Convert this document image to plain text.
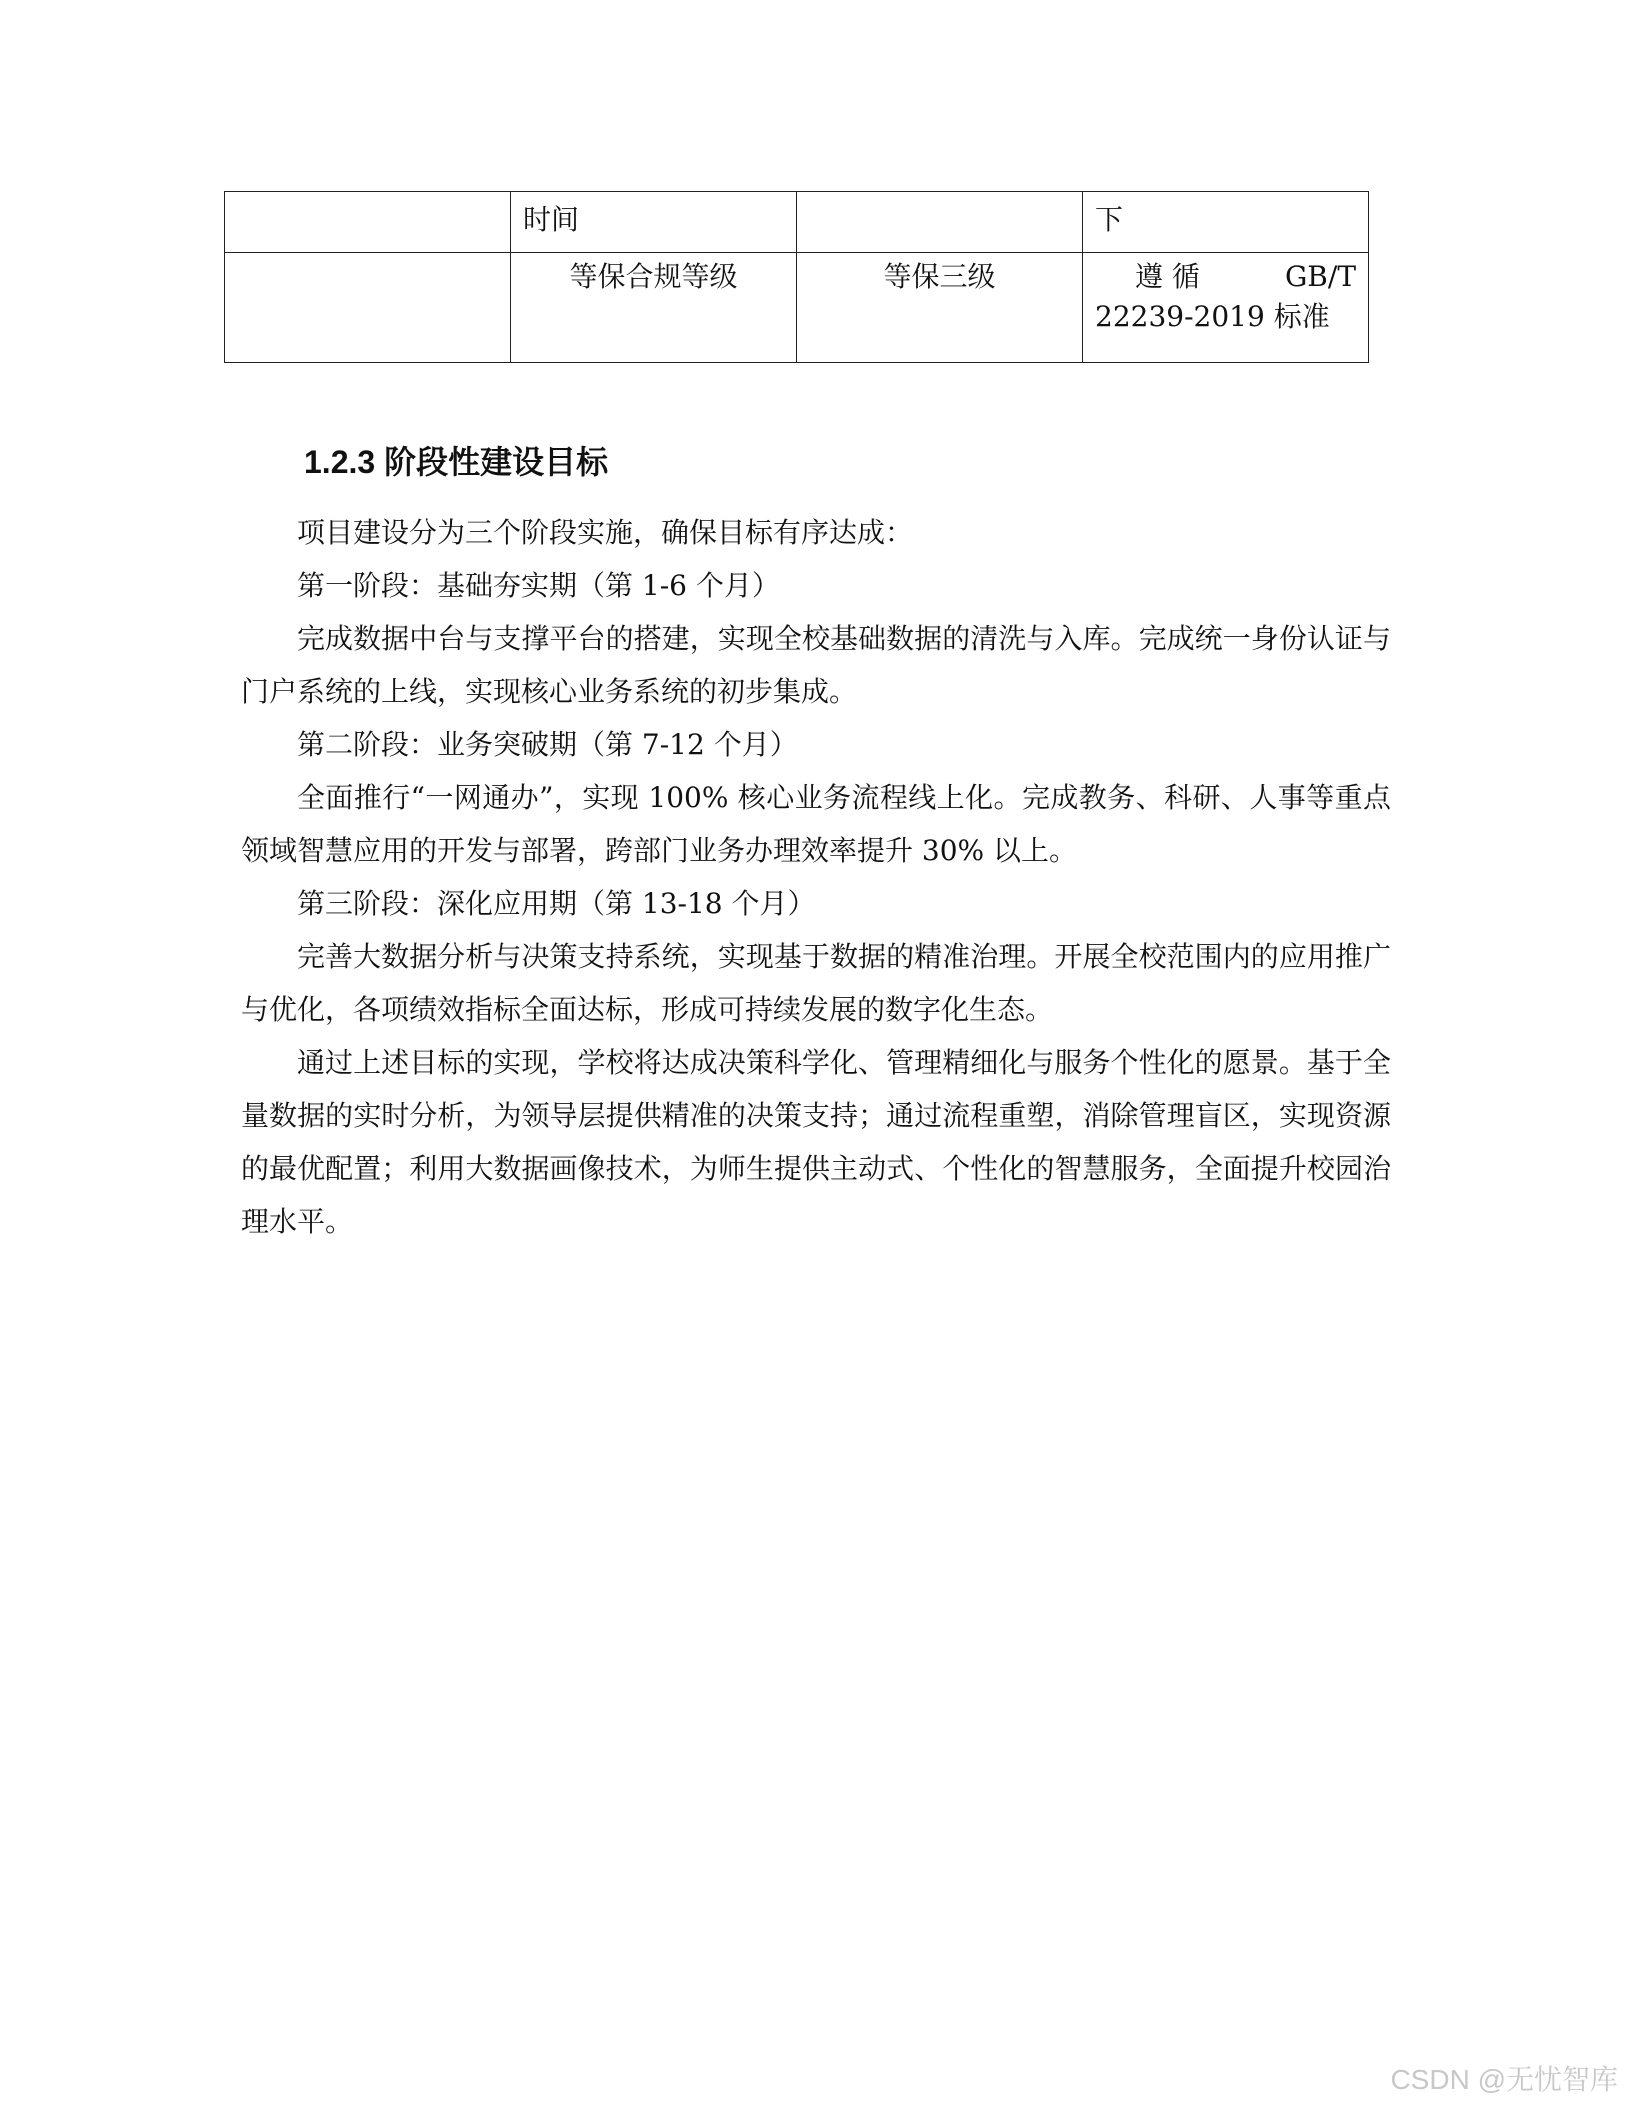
	时间		下
	等保合规等级	等保三级	遵 循 GB/T
22239-2019 标准
1.2.3 阶段性建设目标

项目建设分为三个阶段实施，确保目标有序达成：

第一阶段：基础夯实期（第 1-6 个月）

完成数据中台与支撑平台的搭建，实现全校基础数据的清洗与入库。完成统一身份认证与门户系统的上线，实现核心业务系统的初步集成。

第二阶段：业务突破期（第 7-12 个月）

全面推行“一网通办”，实现 100% 核心业务流程线上化。完成教务、科研、人事等重点领域智慧应用的开发与部署，跨部门业务办理效率提升 30% 以上。

第三阶段：深化应用期（第 13-18 个月）

完善大数据分析与决策支持系统，实现基于数据的精准治理。开展全校范围内的应用推广与优化，各项绩效指标全面达标，形成可持续发展的数字化生态。

通过上述目标的实现，学校将达成决策科学化、管理精细化与服务个性化的愿景。基于全量数据的实时分析，为领导层提供精准的决策支持；通过流程重塑，消除管理盲区，实现资源的最优配置；利用大数据画像技术，为师生提供主动式、个性化的智慧服务，全面提升校园治理水平。

CSDN @无忧智库
